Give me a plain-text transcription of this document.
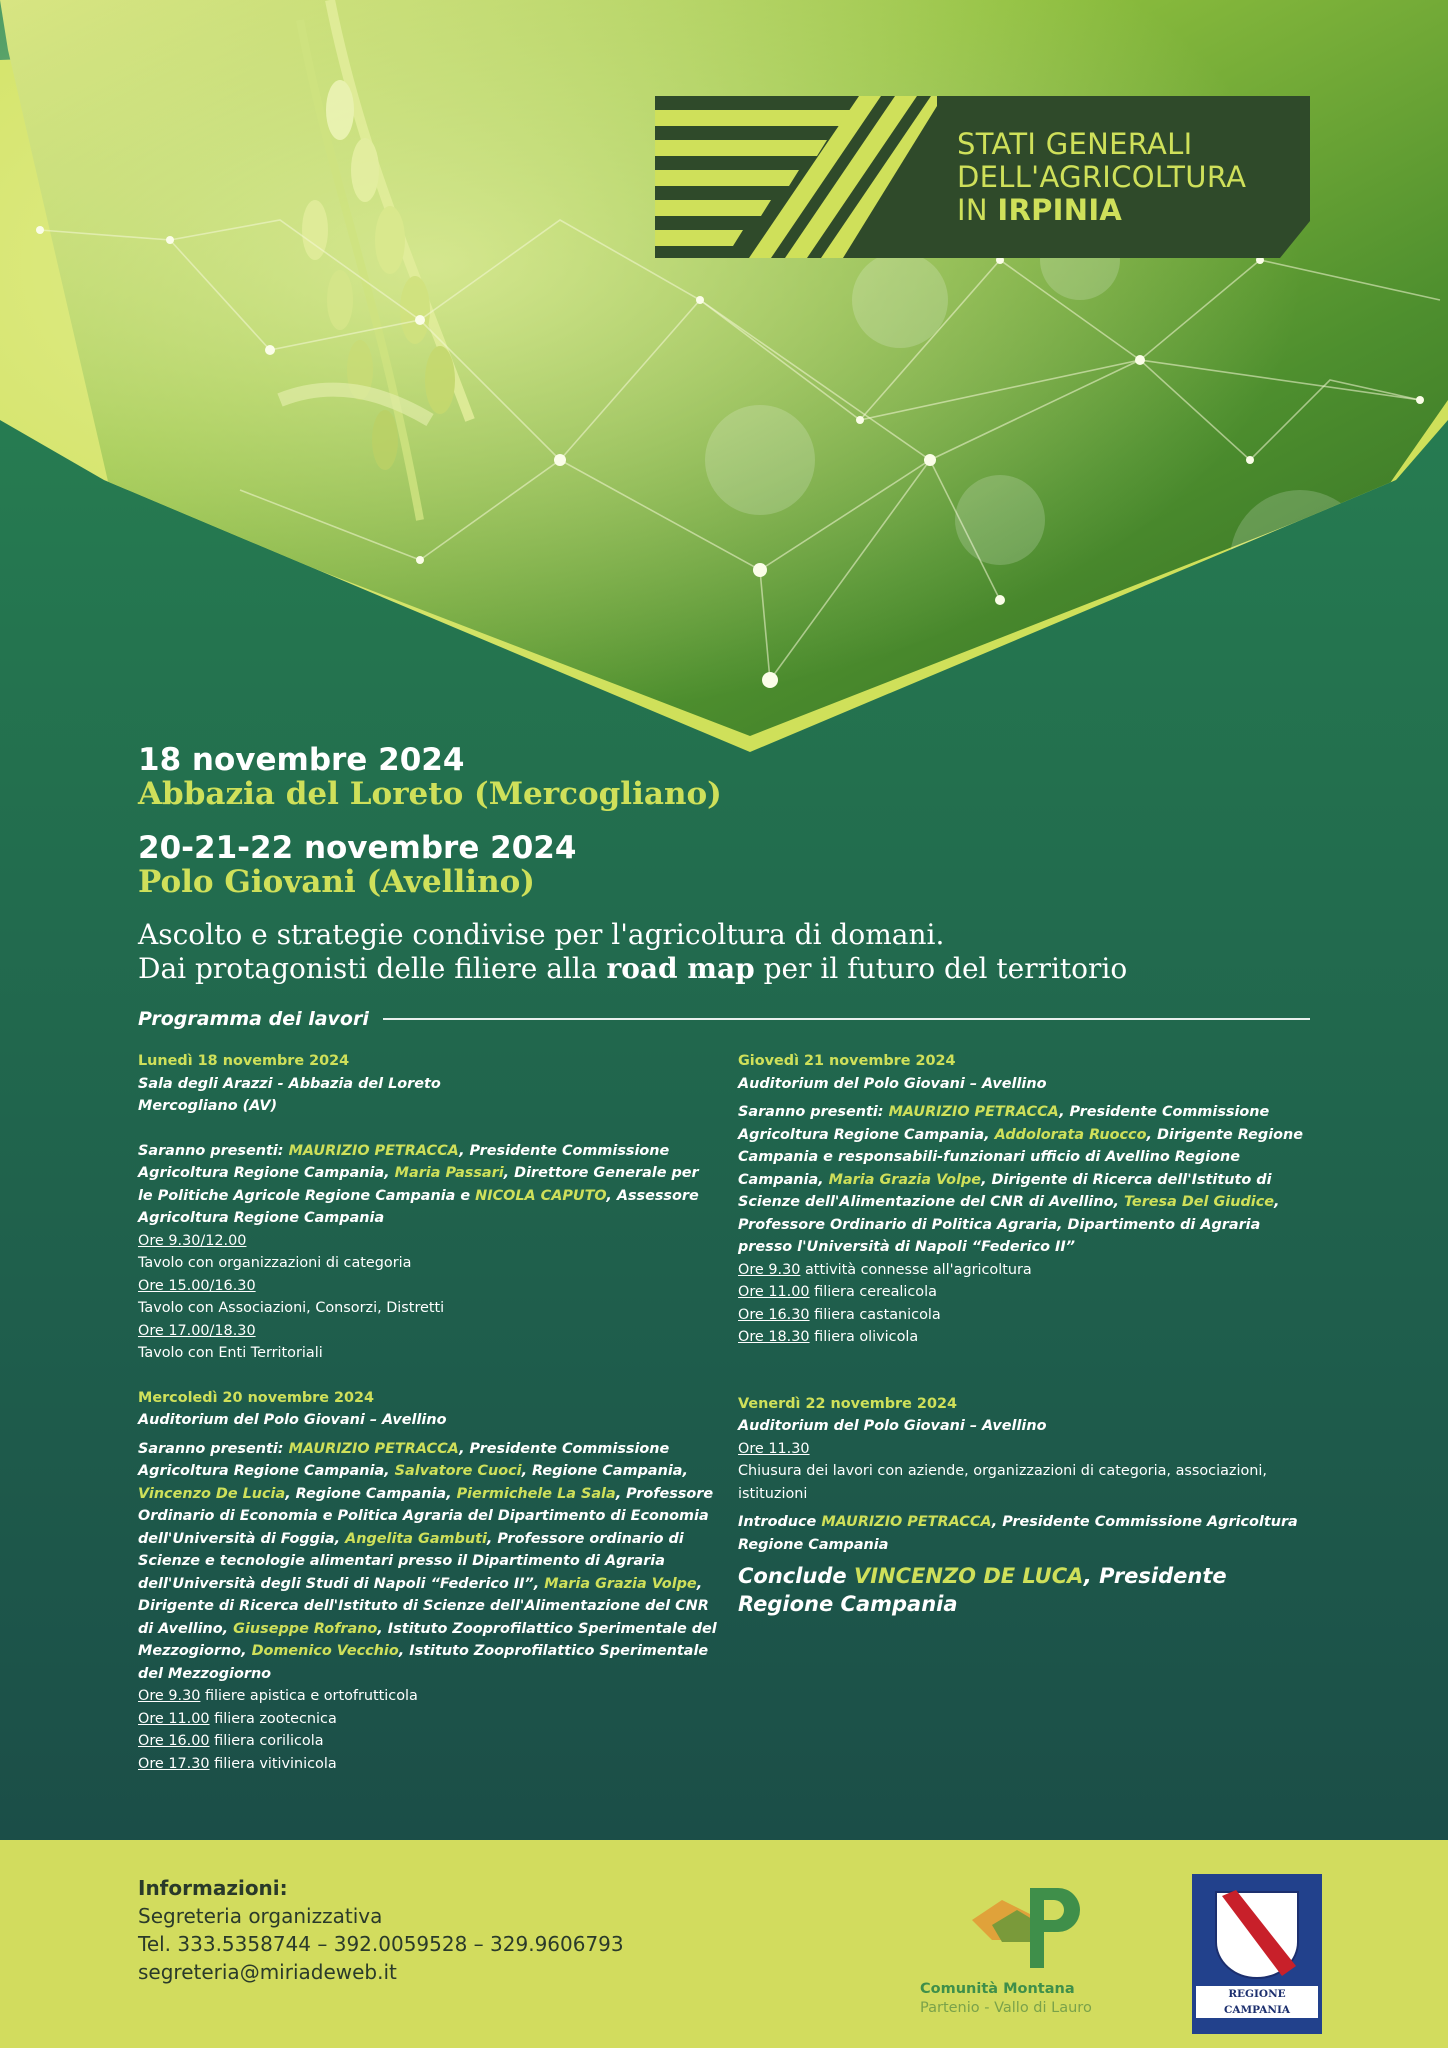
STATI GENERALI
DELL'AGRICOLTURA
IN IRPINIA
18 novembre 2024
Abbazia del Loreto (Mercogliano)
20-21-22 novembre 2024
Polo Giovani (Avellino)
Ascolto e strategie condivise per l'agricoltura di domani.
Dai protagonisti delle filiere alla road map per il futuro del territorio
Programma dei lavori
Lunedì 18 novembre 2024
Sala degli Arazzi - Abbazia del Loreto
Mercogliano (AV)
Saranno presenti: MAURIZIO PETRACCA, Presidente Commissione Agricoltura Regione Campania, Maria Passari, Direttore Generale per le Politiche Agricole Regione Campania e NICOLA CAPUTO, Assessore Agricoltura Regione Campania
Ore 9.30/12.00
Tavolo con organizzazioni di categoria
Ore 15.00/16.30
Tavolo con Associazioni, Consorzi, Distretti
Ore 17.00/18.30
Tavolo con Enti Territoriali
Mercoledì 20 novembre 2024
Auditorium del Polo Giovani – Avellino
Saranno presenti: MAURIZIO PETRACCA, Presidente Commissione Agricoltura Regione Campania, Salvatore Cuoci, Regione Campania, Vincenzo De Lucia, Regione Campania, Piermichele La Sala, Professore Ordinario di Economia e Politica Agraria del Dipartimento di Economia dell'Università di Foggia, Angelita Gambuti, Professore ordinario di Scienze e tecnologie alimentari presso il Dipartimento di Agraria dell'Università degli Studi di Napoli “Federico II”, Maria Grazia Volpe, Dirigente di Ricerca dell'Istituto di Scienze dell'Alimentazione del CNR di Avellino, Giuseppe Rofrano, Istituto Zooprofilattico Sperimentale del Mezzogiorno, Domenico Vecchio, Istituto Zooprofilattico Sperimentale del Mezzogiorno
Ore 9.30 filiere apistica e ortofrutticola
Ore 11.00 filiera zootecnica
Ore 16.00 filiera corilicola
Ore 17.30 filiera vitivinicola
Giovedì 21 novembre 2024
Auditorium del Polo Giovani – Avellino
Saranno presenti: MAURIZIO PETRACCA, Presidente Commissione Agricoltura Regione Campania, Addolorata Ruocco, Dirigente Regione Campania e responsabili-funzionari ufficio di Avellino Regione Campania, Maria Grazia Volpe, Dirigente di Ricerca dell'Istituto di Scienze dell'Alimentazione del CNR di Avellino, Teresa Del Giudice, Professore Ordinario di Politica Agraria, Dipartimento di Agraria presso l'Università di Napoli “Federico II”
Ore 9.30 attività connesse all'agricoltura
Ore 11.00 filiera cerealicola
Ore 16.30 filiera castanicola
Ore 18.30 filiera olivicola
Venerdì 22 novembre 2024
Auditorium del Polo Giovani – Avellino
Ore 11.30
Chiusura dei lavori con aziende, organizzazioni di categoria, associazioni, istituzioni
Introduce MAURIZIO PETRACCA, Presidente Commissione Agricoltura Regione Campania
Conclude VINCENZO DE LUCA, Presidente Regione Campania
Informazioni:
Segreteria organizzativa
Tel. 333.5358744 – 392.0059528 – 329.9606793
segreteria@miriadeweb.it
Comunità Montana
Partenio - Vallo di Lauro
REGIONE CAMPANIA
